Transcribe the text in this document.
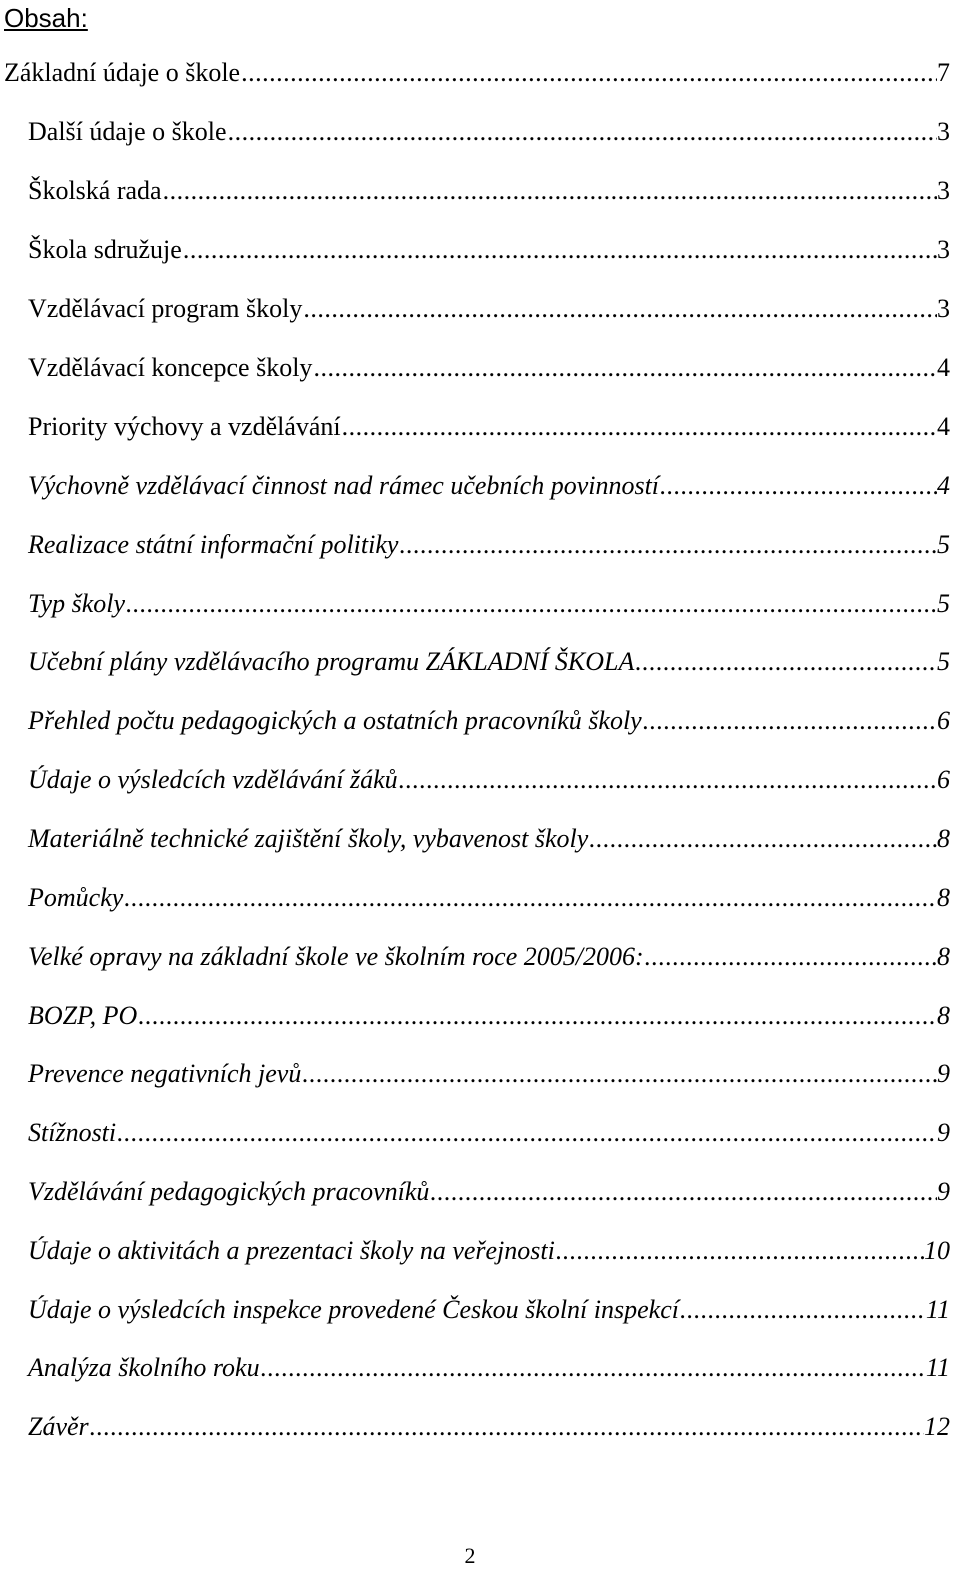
Obsah:
Základní údaje o škole . . .	7
Další údaje o škole . . .	3
Školská rada . . .	3
Škola sdružuje . . .	3
Vzdělávací program školy . . .	3
Vzdělávací koncepce školy . . .	4
Priority výchovy a vzdělávání . . .	4
Výchovně vzdělávací činnost nad rámec učebních povinností . . .	4
Realizace státní informační politiky . . .	5
Typ školy . . .	5
Učební plány vzdělávacího programu ZÁKLADNÍ ŠKOLA . . .	5
Přehled počtu pedagogických a ostatních pracovníků školy . . .	6
Údaje o výsledcích vzdělávání žáků . . .	6
Materiálně technické zajištění školy, vybavenost školy . . .	8
Pomůcky . . .	8
Velké opravy na základní škole ve školním roce 2005/2006: . . .	8
BOZP, PO . . .	8
Prevence negativních jevů . . .	9
Stížnosti . . .	9
Vzdělávání pedagogických pracovníků . . .	9
Údaje o aktivitách a prezentaci školy na veřejnosti . . .	10
Údaje o výsledcích inspekce provedené Českou školní inspekcí . . .	11
Analýza školního roku . . .	11
Závěr . . .	12
2
